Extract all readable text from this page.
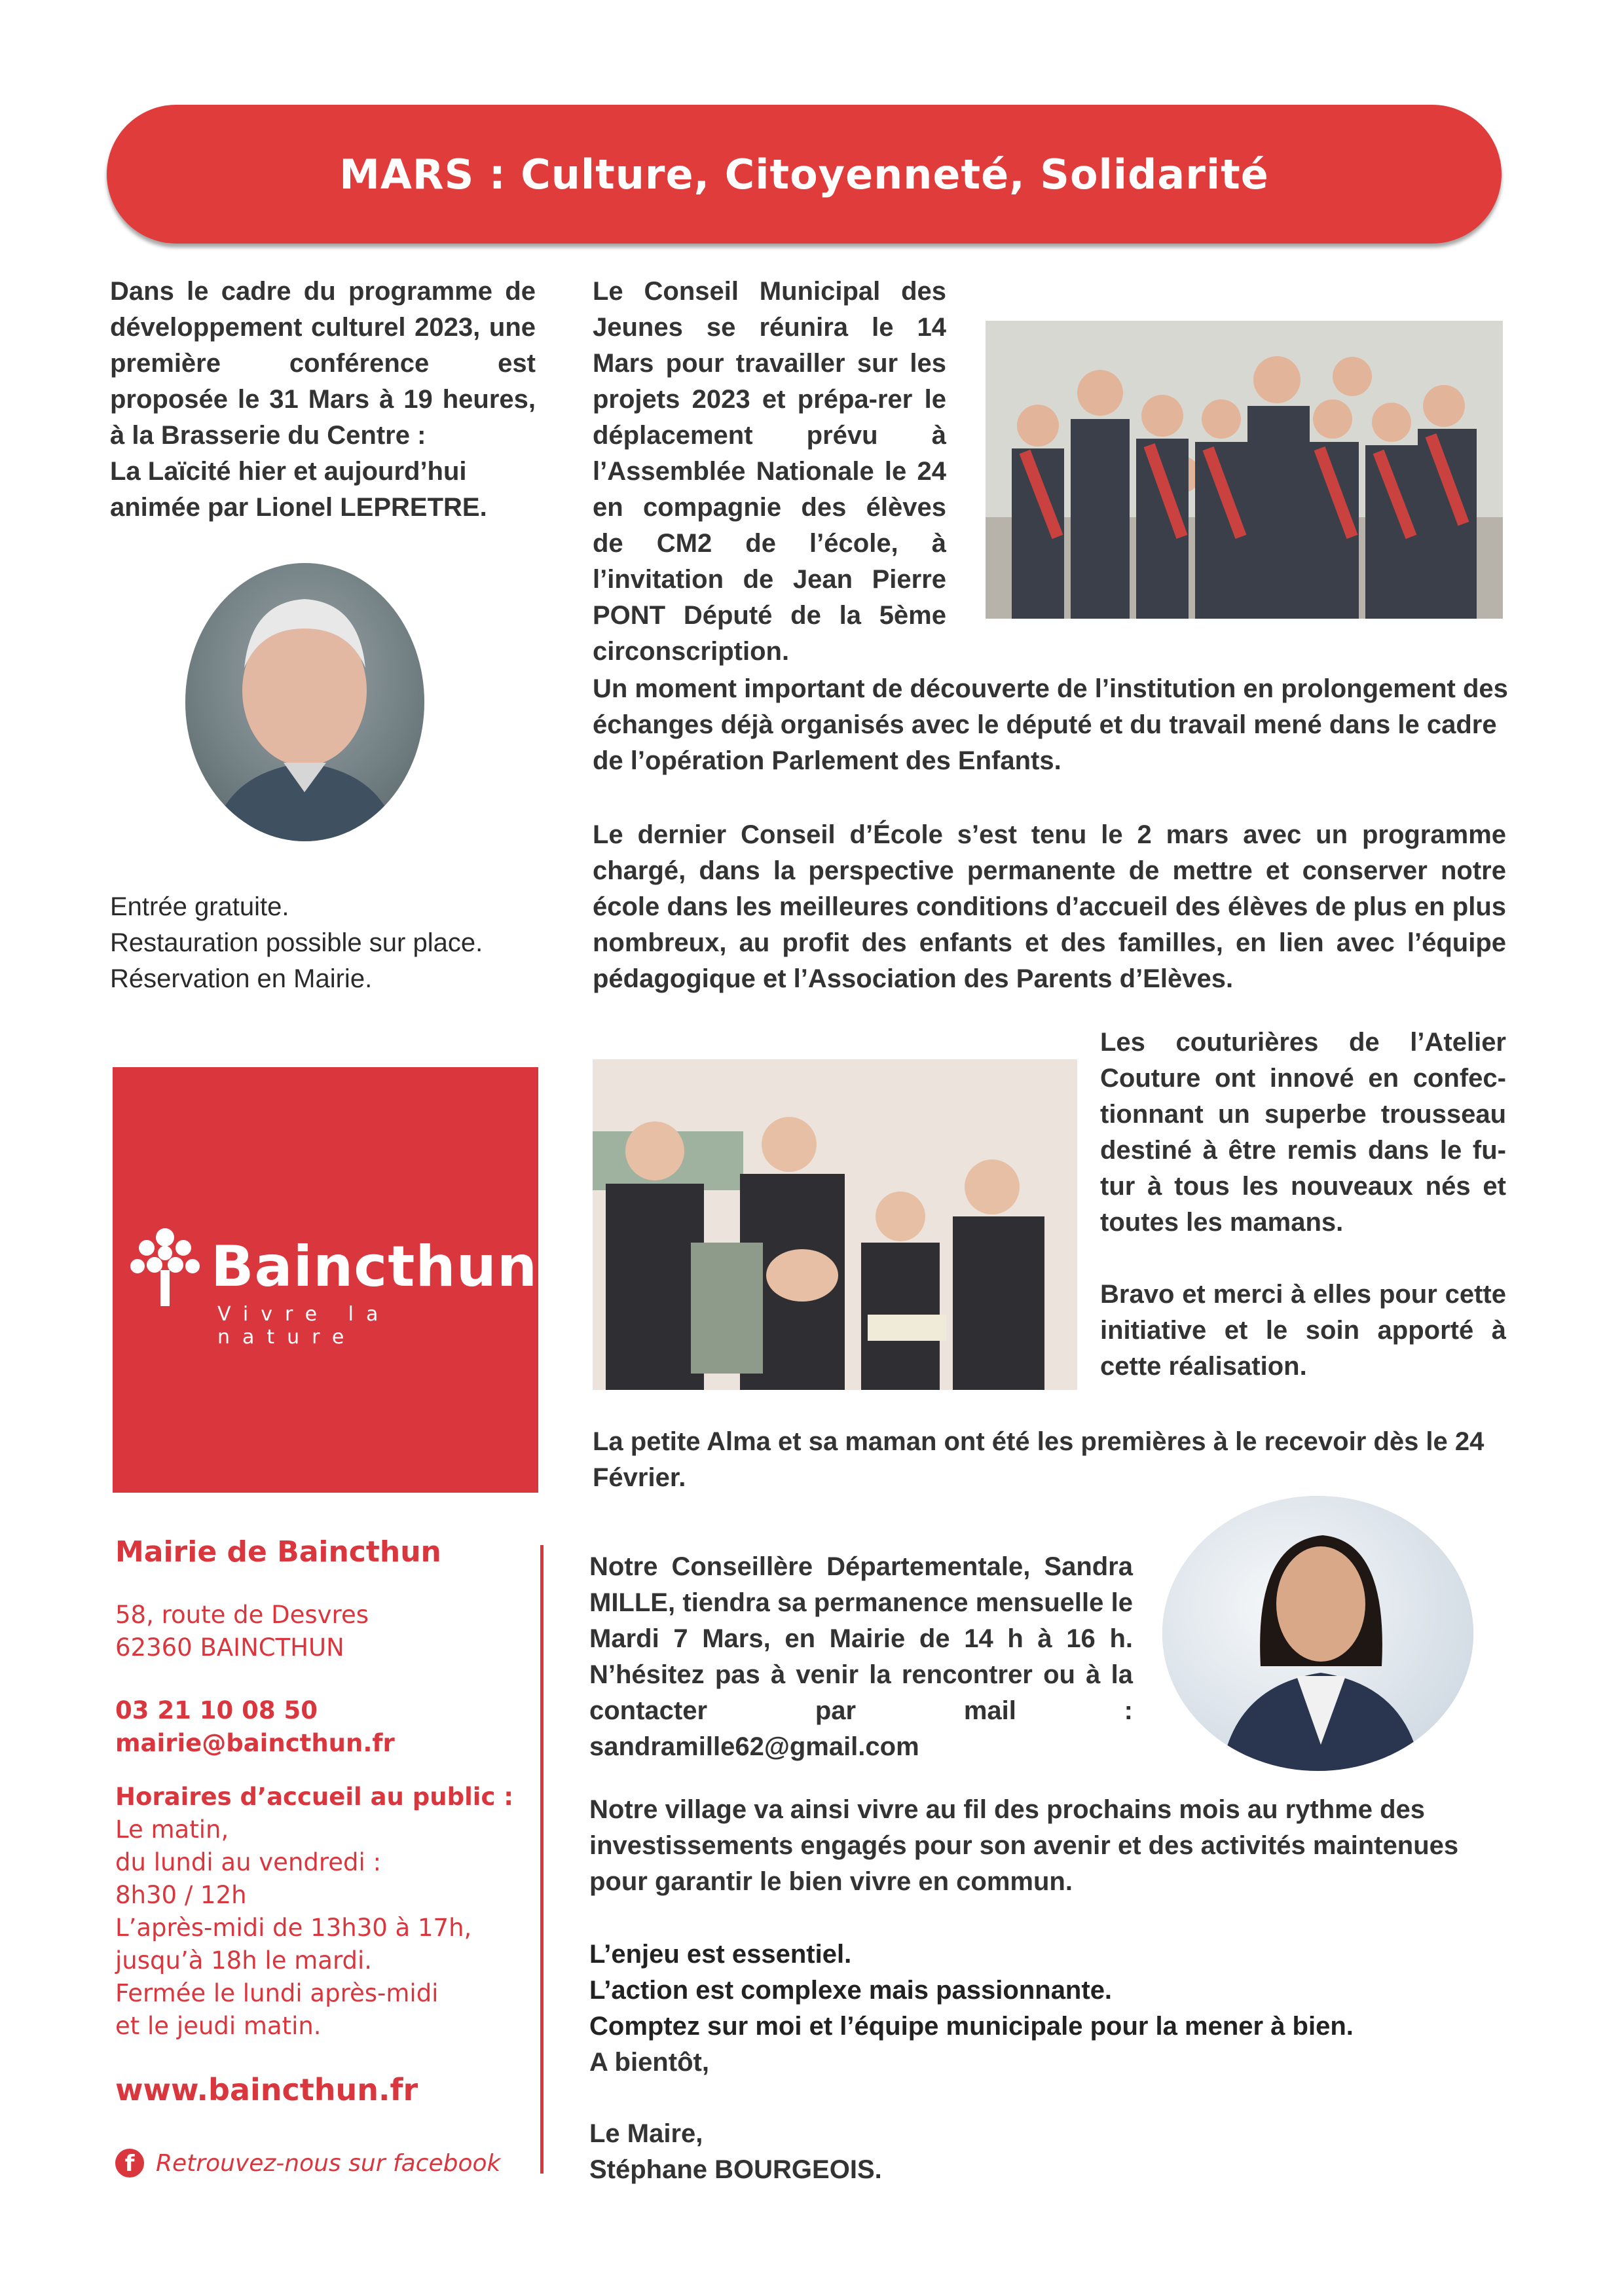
MARS : Culture, Citoyenneté, Solidarité

Dans le cadre du programme de développement culturel 2023, une première conférence est proposée le 31 Mars à 19 heures, à la Brasserie du Centre :

La Laïcité hier et aujourd’hui animée par Lionel LEPRETRE.

Entrée gratuite.

Restauration possible sur place.

Réservation en Mairie.

Le Conseil Municipal des Jeunes se réunira le 14 Mars pour travailler sur les projets 2023 et prépa-rer le déplacement prévu à l’Assemblée Nationale le 24 en compagnie des élèves de CM2 de l’école, à l’invitation de Jean Pierre PONT Député de la 5ème circonscription.
Un moment important de découverte de l’institution en prolongement des échanges déjà organisés avec le député et du travail mené dans le cadre de l’opération Parlement des Enfants.
Le dernier Conseil d’École s’est tenu le 2 mars avec un programme chargé, dans la perspective permanente de mettre et conserver notre école dans les meilleures conditions d’accueil des élèves de plus en plus nombreux, au profit des enfants et des familles, en lien avec l’équipe pédagogique et l’Association des Parents d’Elèves.
Les couturières de l’Atelier Couture ont innové en confec-tionnant un superbe trousseau destiné à être remis dans le fu-tur à tous les nouveaux nés et toutes les mamans.
Bravo et merci à elles pour cette initiative et le soin apporté à cette réalisation.
La petite Alma et sa maman ont été les premières à le recevoir dès le 24 Février.
Baincthun
Vivre la nature
Mairie de Baincthun
58, route de Desvres
62360 BAINCTHUN
03 21 10 08 50
mairie@baincthun.fr
Horaires d’accueil au public :
Le matin,
du lundi au vendredi :
8h30 / 12h
L’après-midi de 13h30 à 17h,
jusqu’à 18h le mardi.
Fermée le lundi après-midi
et le jeudi matin.
www.baincthun.fr
f Retrouvez-nous sur facebook
Notre Conseillère Départementale, Sandra MILLE, tiendra sa permanence mensuelle le Mardi 7 Mars, en Mairie de 14 h à 16 h. N’hésitez pas à venir la rencontrer ou à la contacter par mail : sandramille62@gmail.com
Notre village va ainsi vivre au fil des prochains mois au rythme des investissements engagés pour son avenir et des activités maintenues pour garantir le bien vivre en commun.

L’enjeu est essentiel.

L’action est complexe mais passionnante.

Comptez sur moi et l’équipe municipale pour la mener à bien.

A bientôt,

Le Maire,

Stéphane BOURGEOIS.
